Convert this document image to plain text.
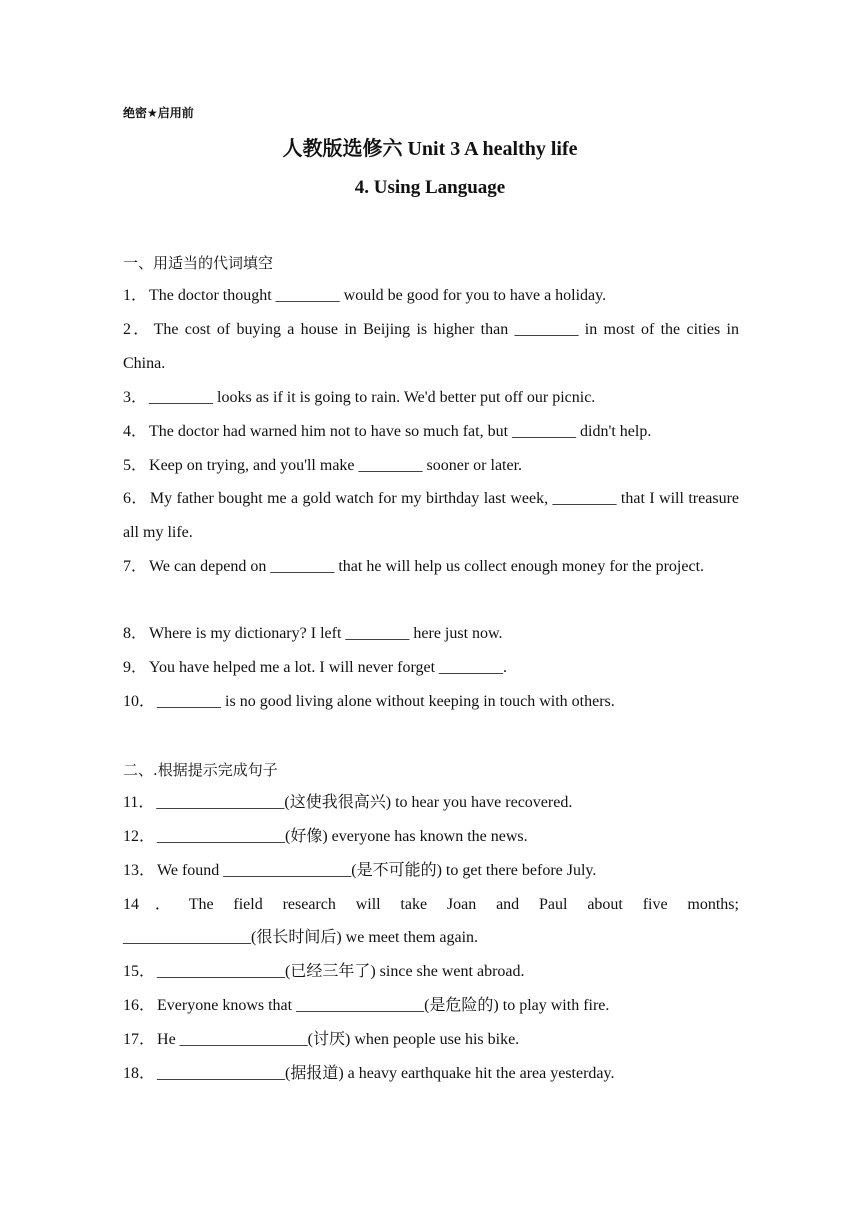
绝密★启用前
人教版选修六 Unit 3 A healthy life
4. Using Language
一、用适当的代词填空
1． The doctor thought ________ would be good for you to have a holiday.
2． The cost of buying a house in Beijing is higher than ________ in most of the cities in China.
3． ________ looks as if it is going to rain. We'd better put off our picnic.
4． The doctor had warned him not to have so much fat, but ________ didn't help.
5． Keep on trying, and you'll make ________ sooner or later.
6． My father bought me a gold watch for my birthday last week, ________ that I will treasure all my life.
7． We can depend on ________ that he will help us collect enough money for the project.
8． Where is my dictionary? I left ________ here just now.
9． You have helped me a lot. I will never forget ________.
10． ________ is no good living alone without keeping in touch with others.
二、.根据提示完成句子
11． ________________(这使我很高兴) to hear you have recovered.
12． ________________(好像) everyone has known the news.
13． We found ________________(是不可能的) to get there before July.
14． The field research will take Joan and Paul about five months;
________________(很长时间后) we meet them again.
15． ________________(已经三年了) since she went abroad.
16． Everyone knows that ________________(是危险的) to play with fire.
17． He ________________(讨厌) when people use his bike.
18． ________________(据报道) a heavy earthquake hit the area yesterday.
